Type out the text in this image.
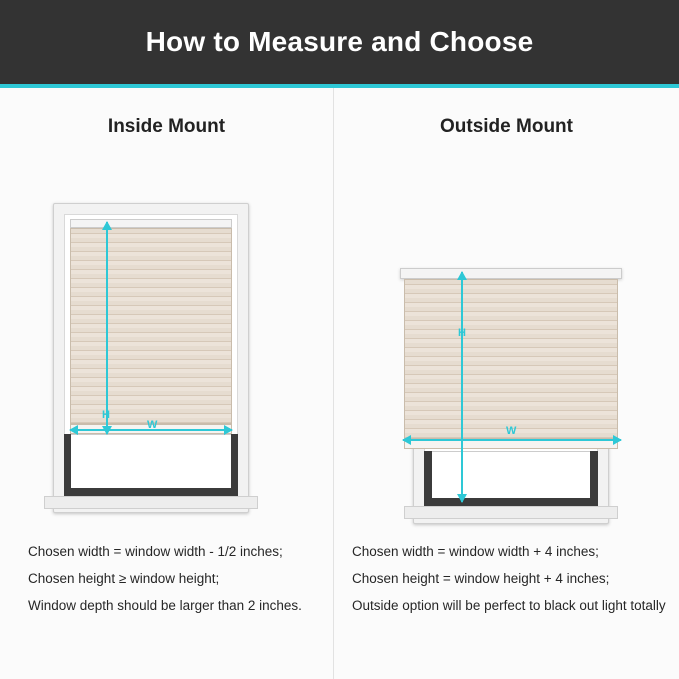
How to Measure and Choose
Inside Mount
H
W
Chosen width = window width - 1/2 inches;
Chosen height ≥ window height;
Window depth should be larger than 2 inches.
Outside Mount
H
W
Chosen width = window width + 4 inches;
Chosen height = window height + 4 inches;
Outside option will be perfect to black out light totally
